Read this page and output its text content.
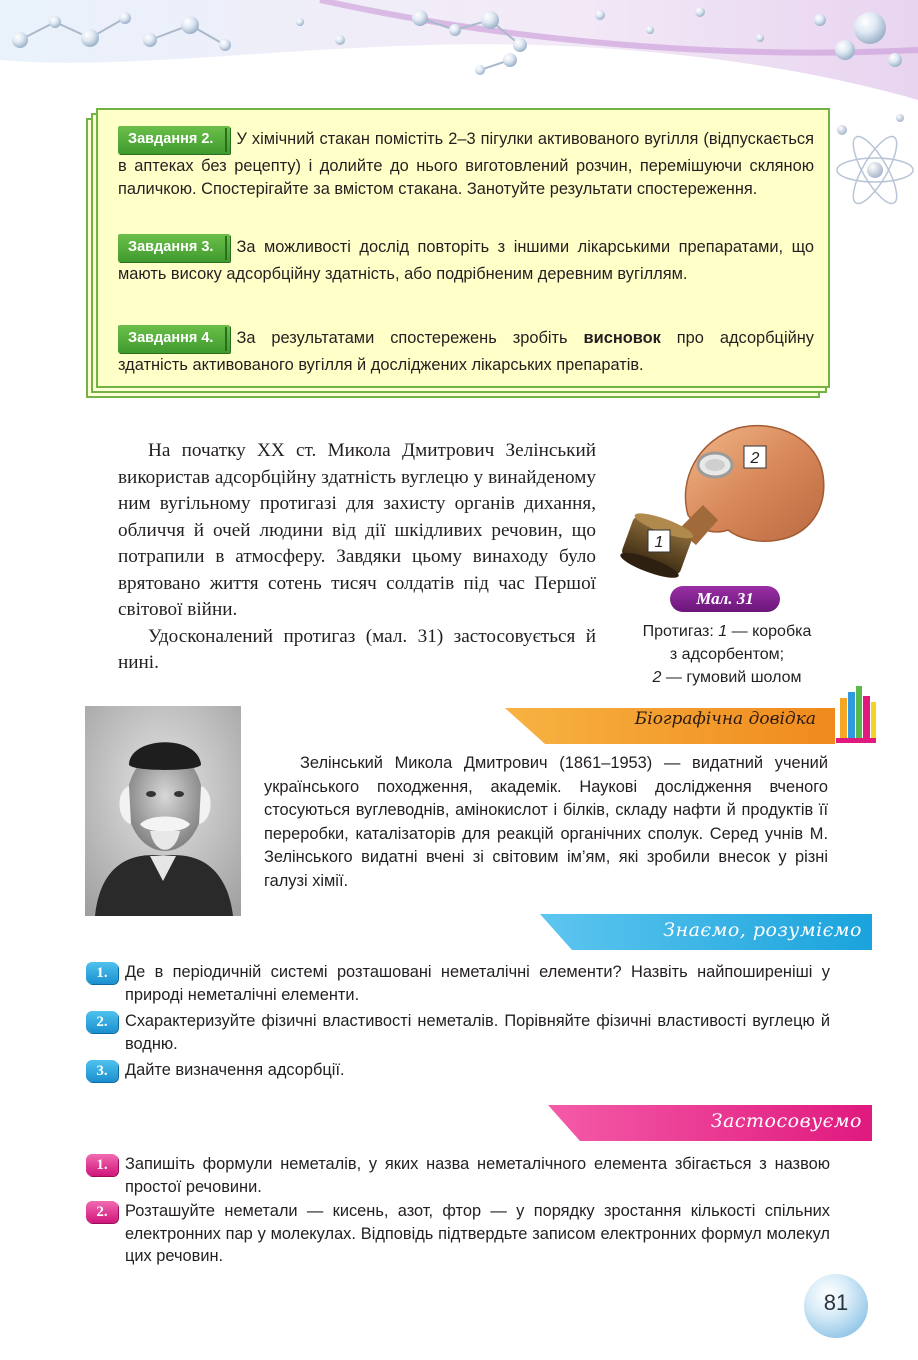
Завдання 2. У хімічний стакан помістіть 2–3 пігулки активованого вугілля (відпускається в аптеках без рецепту) і долийте до нього виготовлений розчин, перемішуючи скляною паличкою. Спостерігайте за вмістом стакана. Занотуйте результати спостереження.
Завдання 3. За можливості дослід повторіть з іншими лікарськими препаратами, що мають високу адсорбційну здатність, або подрібненим деревним вугіллям.
Завдання 4. За результатами спостережень зробіть висновок про адсорбційну здатність активованого вугілля й досліджених лікарських препаратів.

На початку XX ст. Микола Дмитрович Зелінський використав адсорбційну здатність вуглецю у винайденому ним вугільному протигазі для захисту органів дихання, обличчя й очей людини від дії шкідливих речовин, що потрапили в атмосферу. Завдяки цьому винаходу було врятовано життя сотень тисяч солдатів під час Першої світової війни.

Удосконалений протигаз (мал. 31) застосовується й нині.

2
1
Мал. 31
Протигаз: 1 — коробка
з адсорбентом;
2 — гумовий шолом
Біографічна довідка
Зелінський Микола Дмитрович (1861–1953) — видатний учений українського походження, академік. Наукові дослідження вченого стосуються вуглеводнів, амінокислот і білків, складу нафти й продуктів її переробки, каталізаторів для реакцій органічних сполук. Серед учнів М. Зелінського видатні вчені зі світовим ім’ям, які зробили внесок у різні галузі хімії.
Знаємо, розуміємо
1.	Де в періодичній системі розташовані неметалічні елементи? Назвіть найпоширеніші у природі неметалічні елементи.
2.	Схарактеризуйте фізичні властивості неметалів. Порівняйте фізичні властивості вуглецю й водню.
3.	Дайте визначення адсорбції.
Застосовуємо
1.	Запишіть формули неметалів, у яких назва неметалічного елемента збігається з назвою простої речовини.
2.	Розташуйте неметали — кисень, азот, фтор — у порядку зростання кількості спільних електронних пар у молекулах. Відповідь підтвердьте записом електронних формул молекул цих речовин.
81
